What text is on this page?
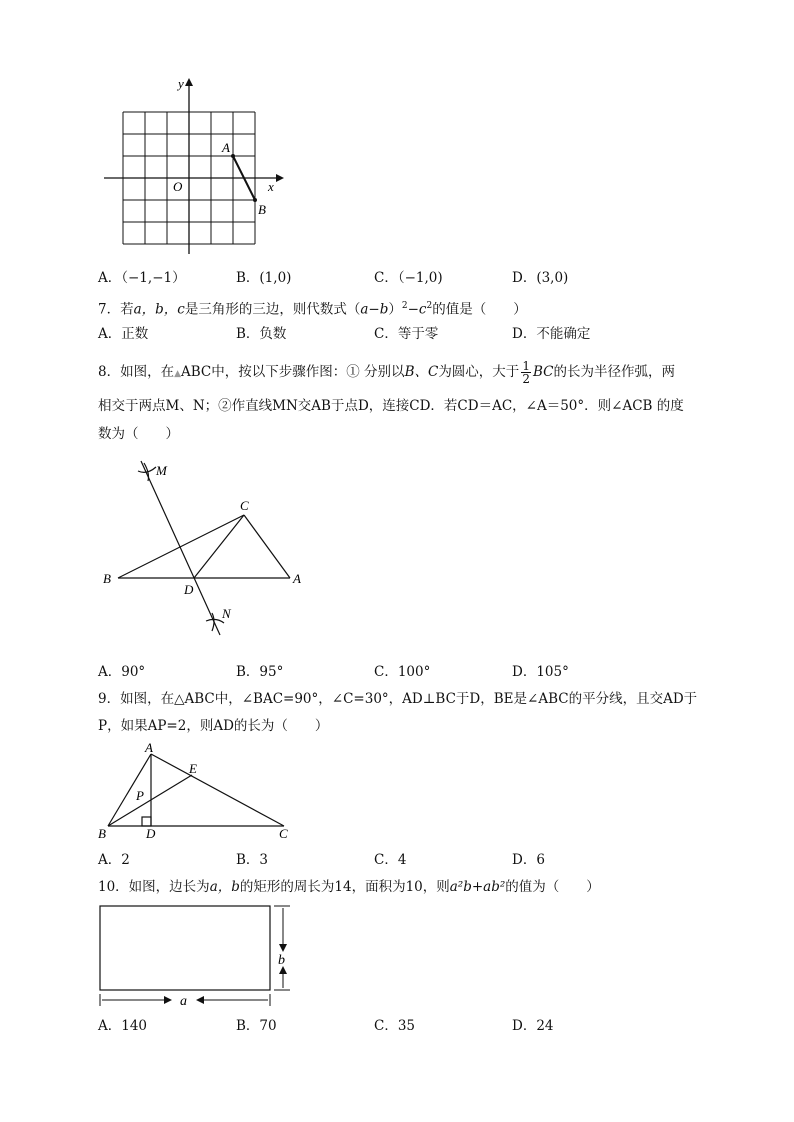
y
x
O
A
B
A．（−1,−1）	B．(1,0)	C．（−1,0)	D．(3,0)
7．若a，b，c是三角形的三边，则代数式$(a-b)^2-c^2$的值是（　　）
A．正数	B．负数	C．等于零	D．不能确定
8．如图，在▲ABC中，按以下步骤作图：① 分别以B、C为圆心，大于 $\frac{1}{2}$ BC的长为半径作弧，两
相交于两点M、N；②作直线MN交AB于点D，连接CD．若CD＝AC，∠A＝50°．则∠ACB 的度
数为（　　）
M
C
B
D
A
N
A．90°	B．95°	C．100°	D．105°
9．如图，在△ABC中，∠BAC=90°，∠C=30°，AD⊥BC于D，BE是∠ABC的平分线，且交AD于
P，如果AP=2，则AD的长为（　　）
A
E
P
B	D	C
A．2	B．3	C．4	D．6
10．如图，边长为a，b的矩形的周长为14，面积为10，则a²b+ab²的值为（　　）
b
a
A．140	B．70	C．35	D．24
